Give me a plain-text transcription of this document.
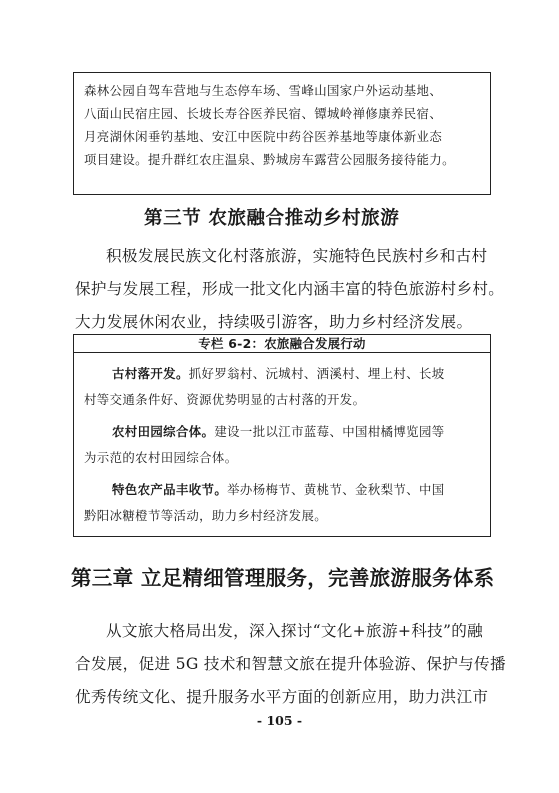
森林公园自驾车营地与生态停车场、雪峰山国家户外运动基地、
八面山民宿庄园、长坡长寿谷医养民宿、镡城岭禅修康养民宿、
月亮湖休闲垂钓基地、安江中医院中药谷医养基地等康体新业态
项目建设。提升群红农庄温泉、黔城房车露营公园服务接待能力。
第三节 农旅融合推动乡村旅游
积极发展民族文化村落旅游，实施特色民族村乡和古村
保护与发展工程，形成一批文化内涵丰富的特色旅游村乡村。
大力发展休闲农业，持续吸引游客，助力乡村经济发展。
专栏 6-2：农旅融合发展行动
古村落开发。抓好罗翁村、沅城村、洒溪村、埋上村、长坡
村等交通条件好、资源优势明显的古村落的开发。
农村田园综合体。建设一批以江市蓝莓、中国柑橘博览园等
为示范的农村田园综合体。
特色农产品丰收节。举办杨梅节、黄桃节、金秋梨节、中国
黔阳冰糖橙节等活动，助力乡村经济发展。
第三章 立足精细管理服务，完善旅游服务体系
从文旅大格局出发，深入探讨“文化+旅游+科技”的融
合发展，促进 5G 技术和智慧文旅在提升体验游、保护与传播
优秀传统文化、提升服务水平方面的创新应用，助力洪江市
- 105 -
